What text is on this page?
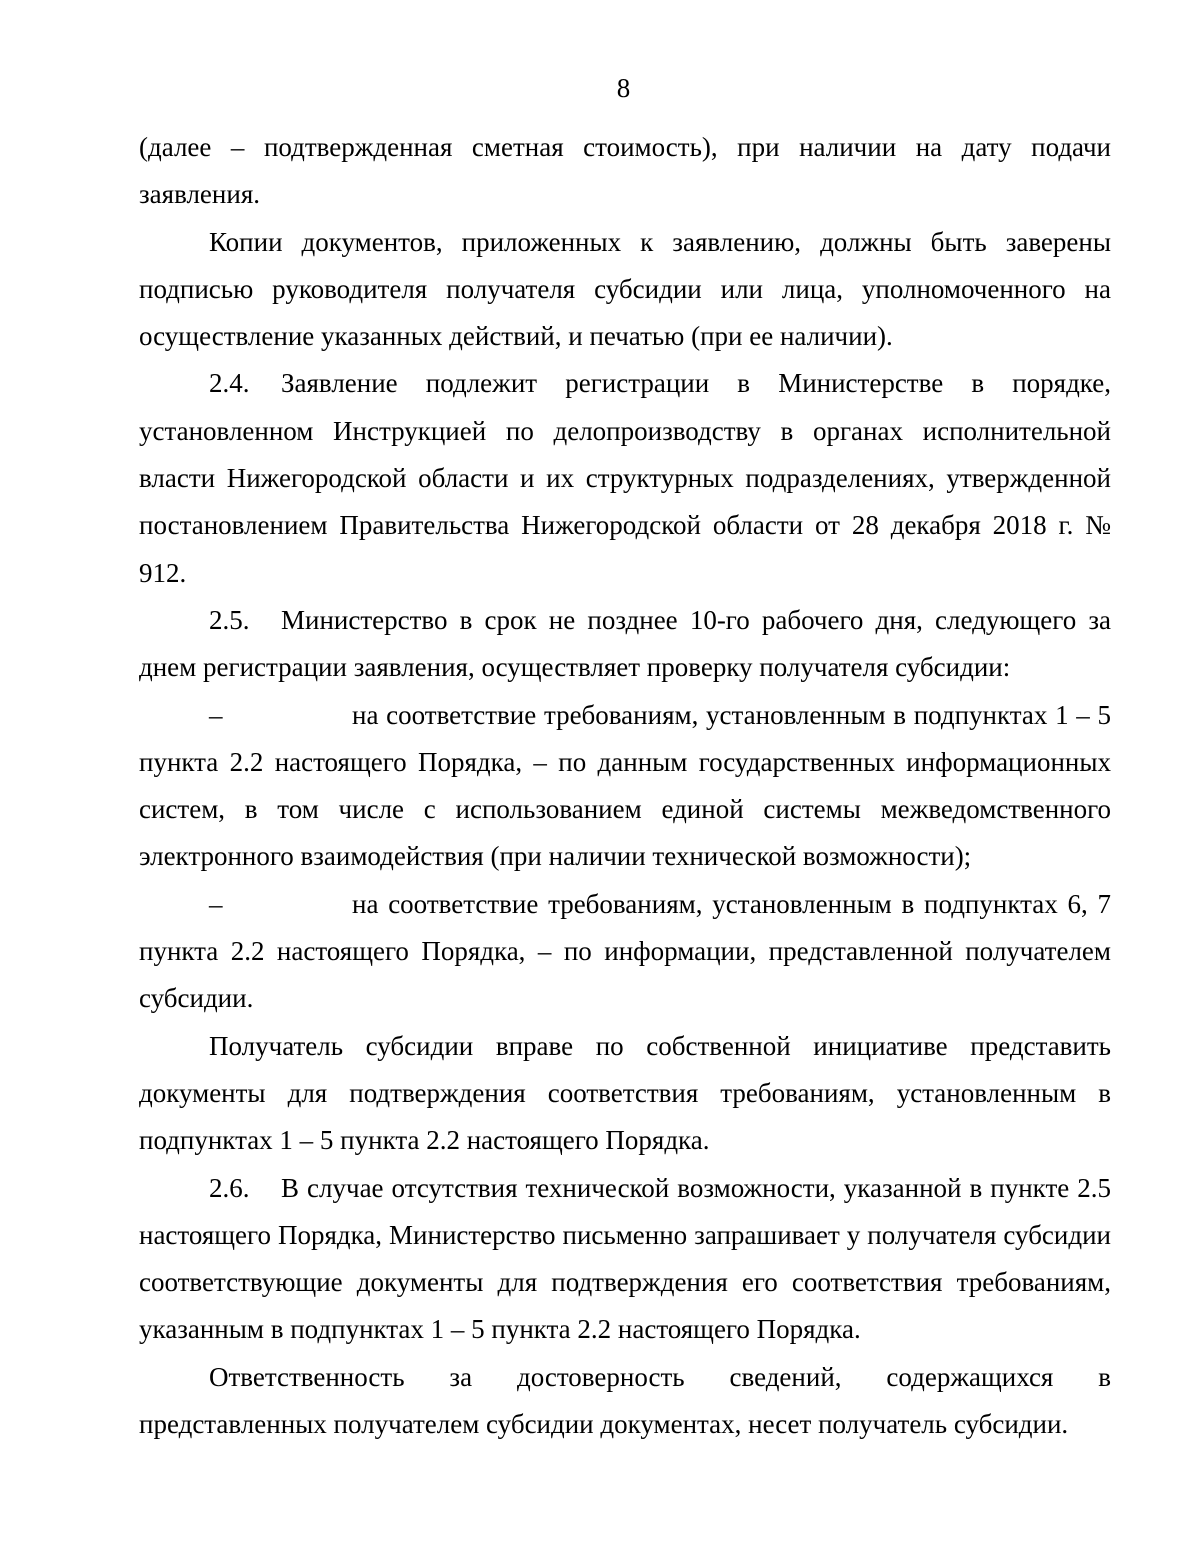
8

(далее – подтвержденная сметная стоимость), при наличии на дату подачи заявления.

Копии документов, приложенных к заявлению, должны быть заверены подписью руководителя получателя субсидии или лица, уполномоченного на осуществление указанных действий, и печатью (при ее наличии).

2.4. Заявление подлежит регистрации в Министерстве в порядке, установленном Инструкцией по делопроизводству в органах исполнительной власти Нижегородской области и их структурных подразделениях, утвержденной постановлением Правительства Нижегородской области от 28 декабря 2018 г. № 912.

2.5. Министерство в срок не позднее 10-го рабочего дня, следующего за днем регистрации заявления, осуществляет проверку получателя субсидии:

–	на соответствие требованиям, установленным в подпунктах 1 – 5 пункта 2.2 настоящего Порядка, – по данным государственных информационных систем, в том числе с использованием единой системы межведомственного электронного взаимодействия (при наличии технической возможности);

–	на соответствие требованиям, установленным в подпунктах 6, 7 пункта 2.2 настоящего Порядка, – по информации, представленной получателем субсидии.

Получатель субсидии вправе по собственной инициативе представить документы для подтверждения соответствия требованиям, установленным в подпунктах 1 – 5 пункта 2.2 настоящего Порядка.

2.6. В случае отсутствия технической возможности, указанной в пункте 2.5 настоящего Порядка, Министерство письменно запрашивает у получателя субсидии соответствующие документы для подтверждения его соответствия требованиям, указанным в подпунктах 1 – 5 пункта 2.2 настоящего Порядка.

Ответственность за достоверность сведений, содержащихся в

представленных получателем субсидии документах, несет получатель субсидии.
